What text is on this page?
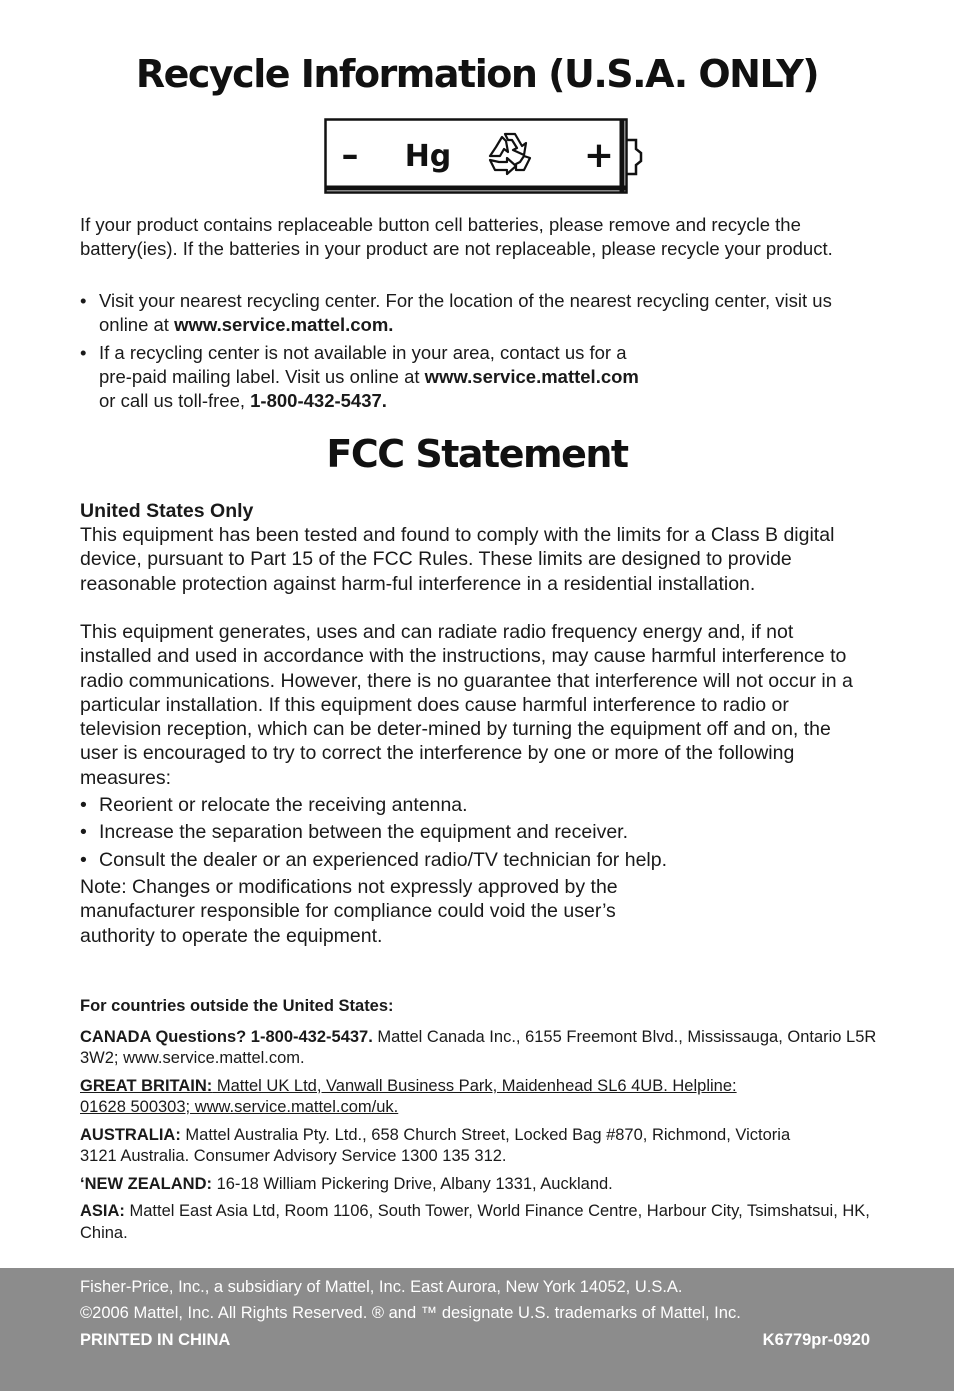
Recycle Information (U.S.A. ONLY)
– Hg	+

If your product contains replaceable button cell batteries, please remove and recycle the battery(ies). If the batteries in your product are not replaceable, please recycle your product.

• Visit your nearest recycling center. For the location of the nearest recycling center, visit us online at www.service.mattel.com.
• If a recycling center is not available in your area, contact us for a pre-paid mailing label. Visit us online at www.service.mattel.com or call us toll-free, 1-800-432-5437.
FCC Statement

United States Only

This equipment has been tested and found to comply with the limits for a Class B digital device, pursuant to Part 15 of the FCC Rules. These limits are designed to provide reasonable protection against harm-ful interference in a residential installation.

This equipment generates, uses and can radiate radio frequency energy and, if not installed and used in accordance with the instructions, may cause harmful interference to radio communications. However, there is no guarantee that interference will not occur in a particular installation. If this equipment does cause harmful interference to radio or television reception, which can be deter-mined by turning the equipment off and on, the user is encouraged to try to correct the interference by one or more of the following measures:

• Reorient or relocate the receiving antenna.
• Increase the separation between the equipment and receiver.
• Consult the dealer or an experienced radio/TV technician for help.

Note: Changes or modifications not expressly approved by the manufacturer responsible for compliance could void the user’s authority to operate the equipment.

For countries outside the United States:

CANADA Questions? 1-800-432-5437. Mattel Canada Inc., 6155 Freemont Blvd., Mississauga, Ontario L5R 3W2; www.service.mattel.com.

GREAT BRITAIN: Mattel UK Ltd, Vanwall Business Park, Maidenhead SL6 4UB. Helpline: 01628 500303; www.service.mattel.com/uk.

AUSTRALIA: Mattel Australia Pty. Ltd., 658 Church Street, Locked Bag #870, Richmond, Victoria 3121 Australia. Consumer Advisory Service 1300 135 312.

‘NEW ZEALAND: 16-18 William Pickering Drive, Albany 1331, Auckland.

ASIA: Mattel East Asia Ltd, Room 1106, South Tower, World Finance Centre, Harbour City, Tsimshatsui, HK, China.

Fisher-Price, Inc., a subsidiary of Mattel, Inc. East Aurora, New York 14052, U.S.A.
©2006 Mattel, Inc. All Rights Reserved. ® and ™ designate U.S. trademarks of Mattel, Inc.
PRINTED IN CHINA	K6779pr-0920
